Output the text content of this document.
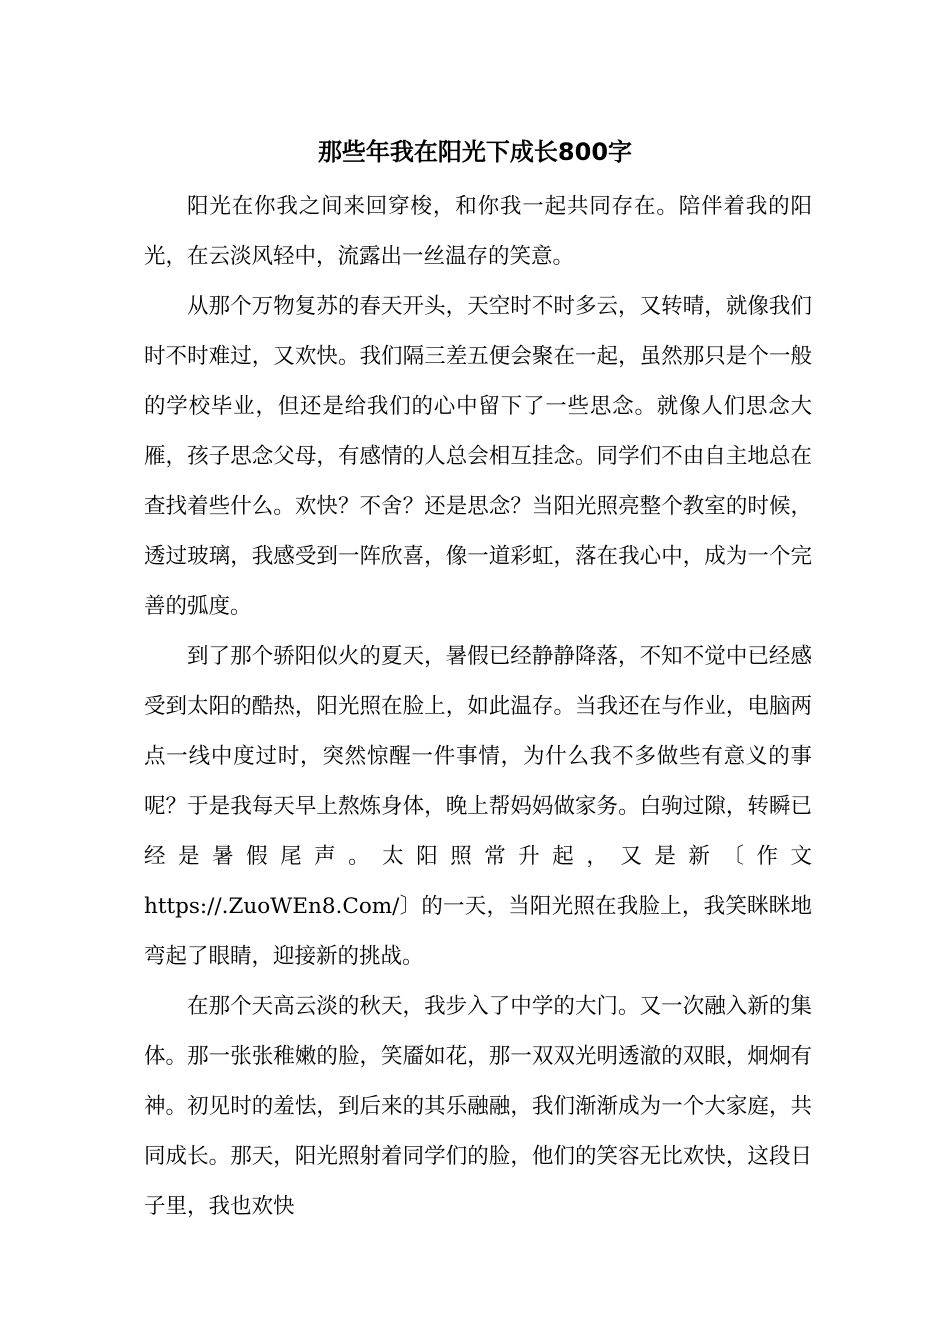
那些年我在阳光下成长800字

阳光在你我之间来回穿梭，和你我一起共同存在。陪伴着我的阳光，在云淡风轻中，流露出一丝温存的笑意。

从那个万物复苏的春天开头，天空时不时多云，又转晴，就像我们时不时难过，又欢快。我们隔三差五便会聚在一起，虽然那只是个一般的学校毕业，但还是给我们的心中留下了一些思念。就像人们思念大雁，孩子思念父母，有感情的人总会相互挂念。同学们不由自主地总在查找着些什么。欢快？不舍？还是思念？当阳光照亮整个教室的时候，透过玻璃，我感受到一阵欣喜，像一道彩虹，落在我心中，成为一个完善的弧度。

到了那个骄阳似火的夏天，暑假已经静静降落，不知不觉中已经感受到太阳的酷热，阳光照在脸上，如此温存。当我还在与作业，电脑两点一线中度过时，突然惊醒一件事情，为什么我不多做些有意义的事呢？于是我每天早上熬炼身体，晚上帮妈妈做家务。白驹过隙，转瞬已经是暑假尾声。太阳照常升起，又是新〔作文https://.ZuoWEn8.Com/〕的一天，当阳光照在我脸上，我笑眯眯地弯起了眼睛，迎接新的挑战。

在那个天高云淡的秋天，我步入了中学的大门。又一次融入新的集体。那一张张稚嫩的脸，笑靥如花，那一双双光明透澈的双眼，炯炯有神。初见时的羞怯，到后来的其乐融融，我们渐渐成为一个大家庭，共同成长。那天，阳光照射着同学们的脸，他们的笑容无比欢快，这段日子里，我也欢快
